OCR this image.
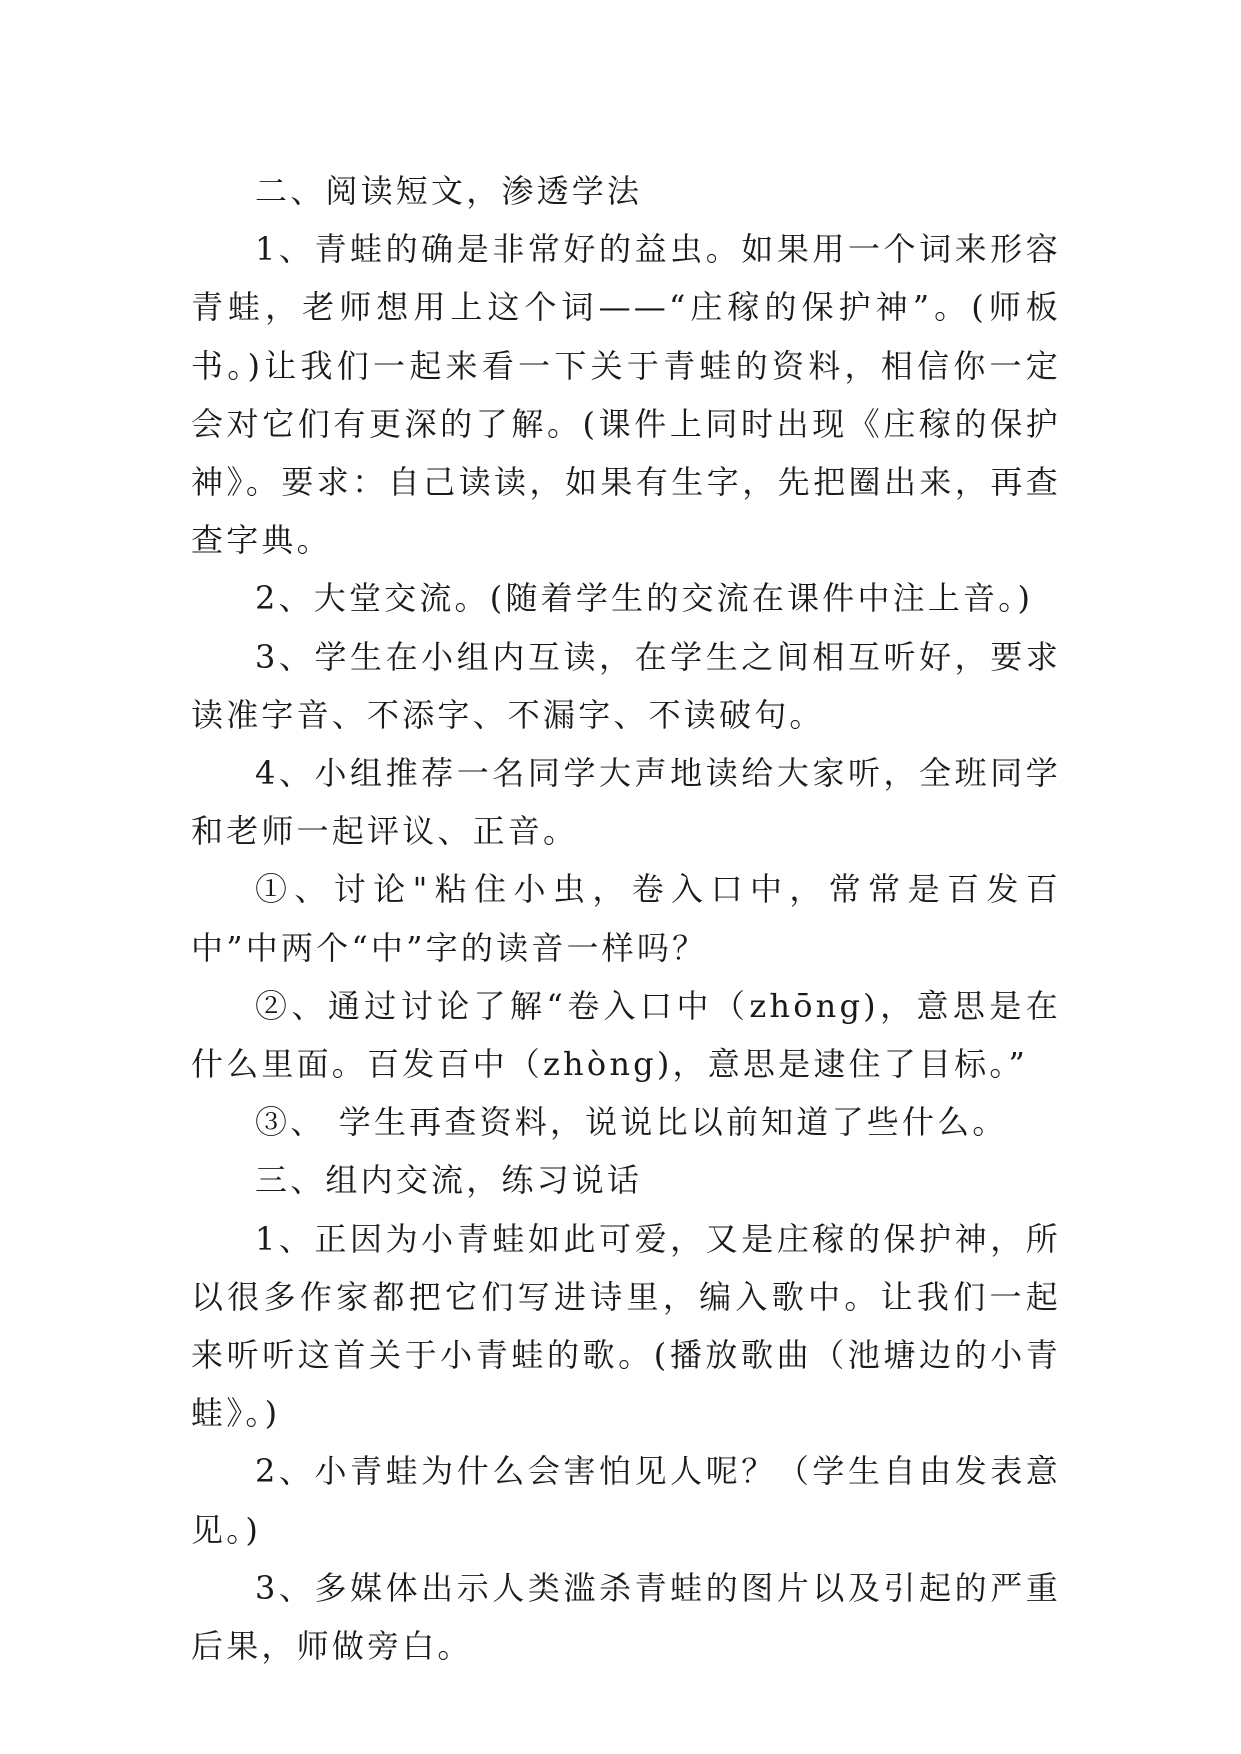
二、阅读短文，渗透学法

1、青蛙的确是非常好的益虫。如果用一个词来形容青蛙，老师想用上这个词——“庄稼的保护神”。(师板书。)让我们一起来看一下关于青蛙的资料，相信你一定会对它们有更深的了解。(课件上同时出现《庄稼的保护神》。要求：自己读读，如果有生字，先把圈出来，再查查字典。

2、大堂交流。(随着学生的交流在课件中注上音。)

3、学生在小组内互读，在学生之间相互听好，要求读准字音、不添字、不漏字、不读破句。

4、小组推荐一名同学大声地读给大家听，全班同学和老师一起评议、正音。

①、讨论"粘住小虫，卷入口中，常常是百发百中”中两个“中”字的读音一样吗？

②、通过讨论了解“卷入口中（zhōng)，意思是在什么里面。百发百中（zhòng)，意思是逮住了目标。”

③、 学生再查资料，说说比以前知道了些什么。

三、组内交流，练习说话

1、正因为小青蛙如此可爱，又是庄稼的保护神，所以很多作家都把它们写进诗里，编入歌中。让我们一起来听听这首关于小青蛙的歌。(播放歌曲（池塘边的小青蛙》。)

2、小青蛙为什么会害怕见人呢？（学生自由发表意见。)

3、多媒体出示人类滥杀青蛙的图片以及引起的严重后果，师做旁白。
